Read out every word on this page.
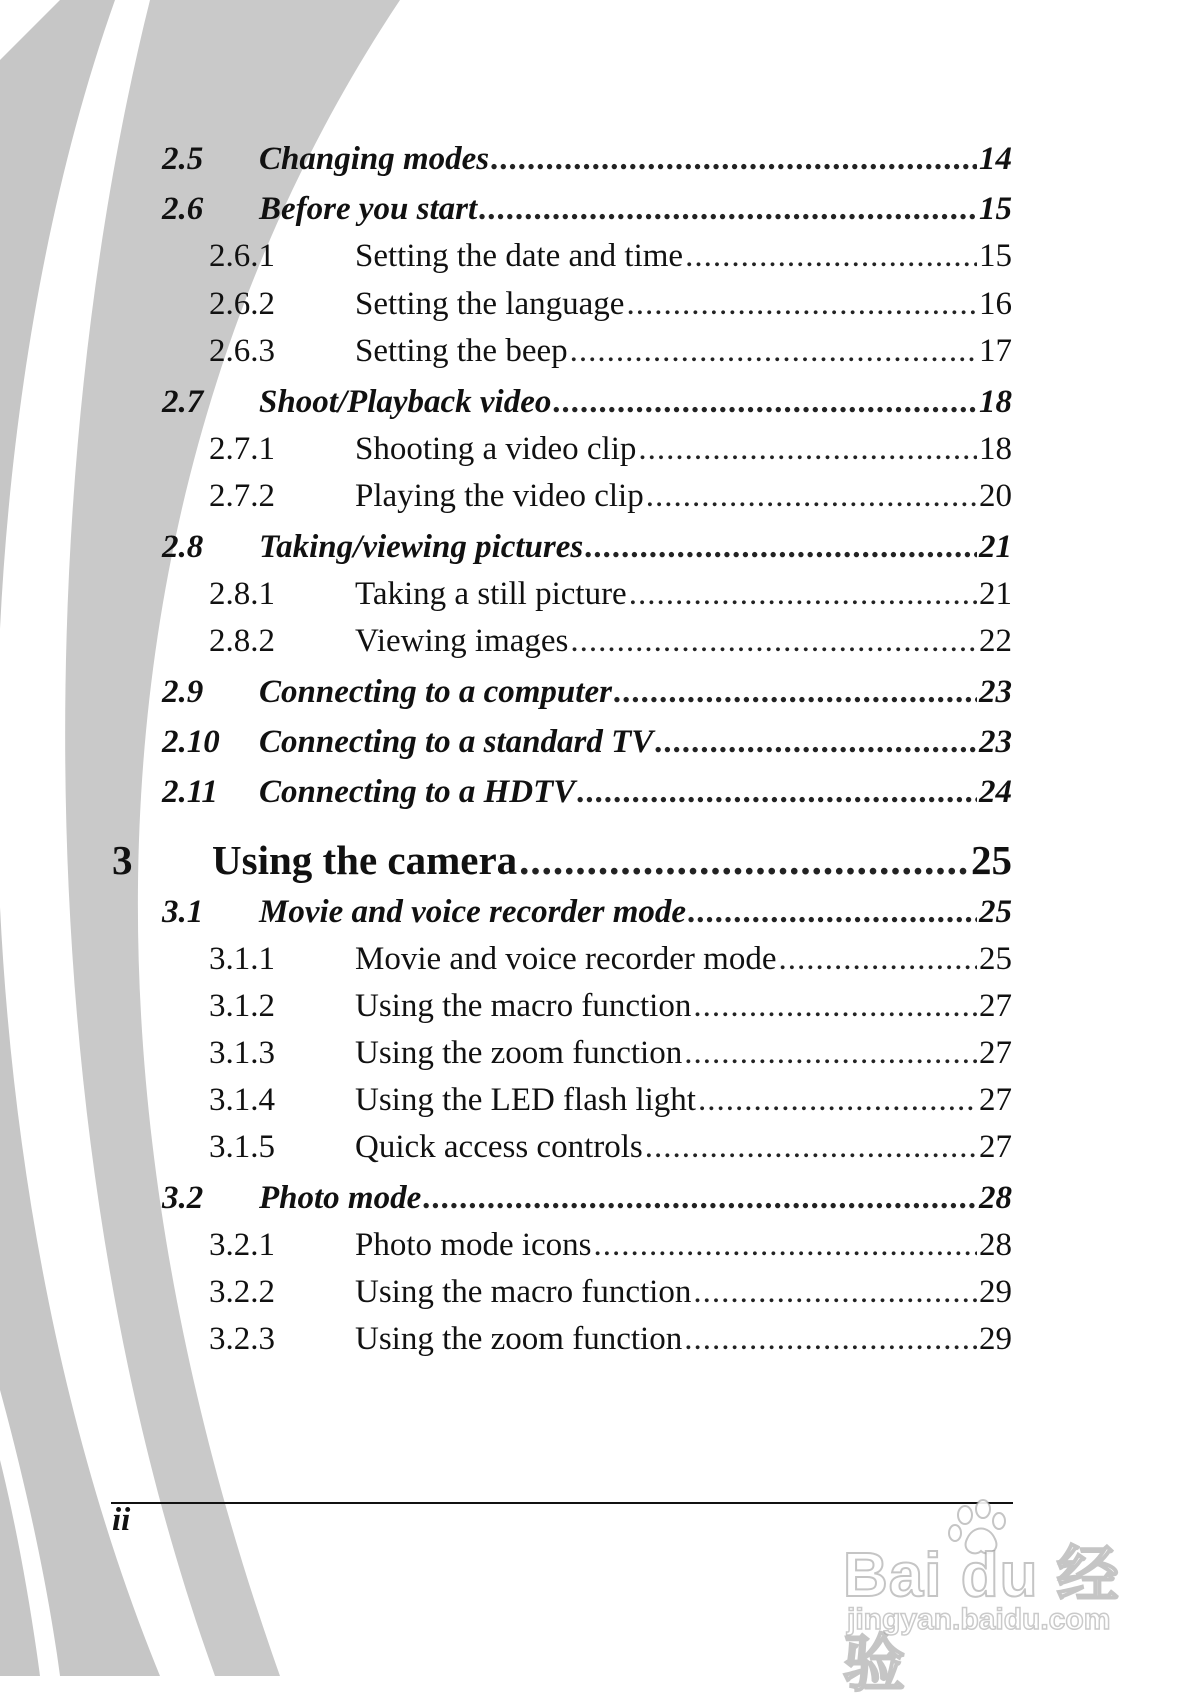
2.5	Changing modes .....	14
2.6	Before you start .....	15
2.6.1	Setting the date and time .....	15
2.6.2	Setting the language .....	16
2.6.3	Setting the beep .....	17
2.7	Shoot/Playback video .....	18
2.7.1	Shooting a video clip .....	18
2.7.2	Playing the video clip .....	20
2.8	Taking/viewing pictures .....	21
2.8.1	Taking a still picture .....	21
2.8.2	Viewing images .....	22
2.9	Connecting to a computer .....	23
2.10	Connecting to a standard TV .....	23
2.11	Connecting to a HDTV .....	24
3	Using the camera .....	25
3.1	Movie and voice recorder mode .....	25
3.1.1	Movie and voice recorder mode .....	25
3.1.2	Using the macro function .....	27
3.1.3	Using the zoom function .....	27
3.1.4	Using the LED flash light .....	27
3.1.5	Quick access controls .....	27
3.2	Photo mode .....	28
3.2.1	Photo mode icons .....	28
3.2.2	Using the macro function .....	29
3.2.3	Using the zoom function .....	29
ii
Bai du 经验
jingyan.baidu.com
